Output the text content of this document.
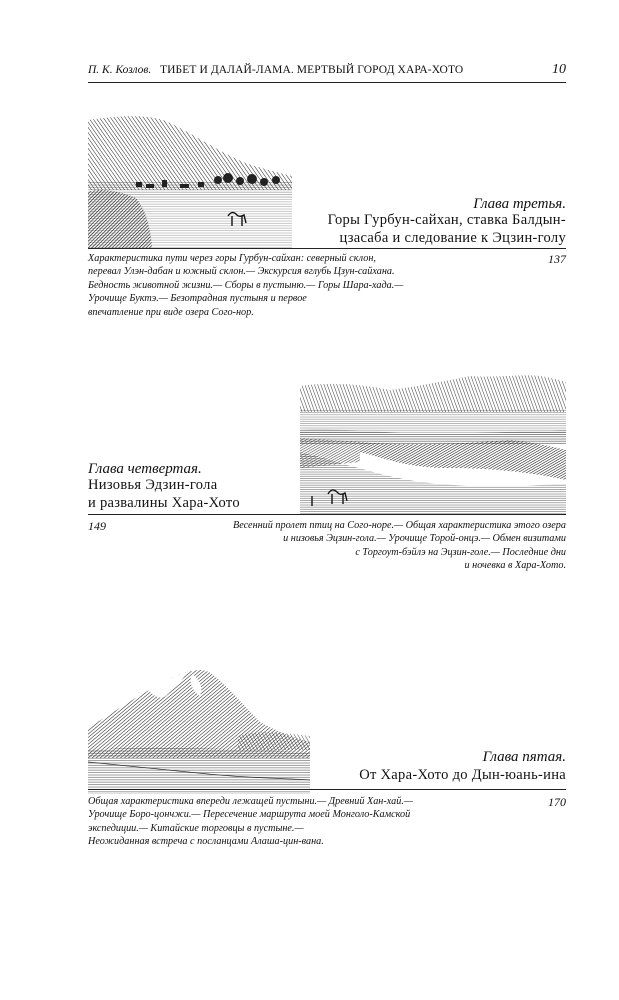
П. К. Козлов. ТИБЕТ И ДАЛАЙ-ЛАМА. МЕРТВЫЙ ГОРОД ХАРА-ХОТО	10
Глава третья.
Горы Гурбун-сайхан, ставка Балдын-
цзасаба и следование к Эцзин-голу
Характеристика пути через горы Гурбун-сайхан: северный склон,
перевал Улэн-дабан и южный склон.— Экскурсия вглубь Цзун-сайхана.
Бедность животной жизни.— Сборы в пустыню.— Горы Шара-хада.—
Урочище Буктэ.— Безотрадная пустыня и первое
впечатление при виде озера Сого-нор.
137
Глава четвертая.
Низовья Эдзин-гола
и развалины Хара-Хото
149	Весенний пролет птиц на Сого-норе.— Общая характеристика этого озера
и низовья Эцзин-гола.— Урочище Торой-онцэ.— Обмен визитами
с Торгоут-бэйлэ на Эцзин-голе.— Последние дни
и ночевка в Хара-Хото.
Глава пятая.
От Хара-Хото до Дын-юань-ина
Общая характеристика впереди лежащей пустыни.— Древний Хан-хай.—
Урочище Боро-цончжи.— Пересечение маршрута моей Монголо-Камской
экспедиции.— Китайские торговцы в пустыне.—
Неожиданная встреча с посланцами Алаша-цин-вана.
170
